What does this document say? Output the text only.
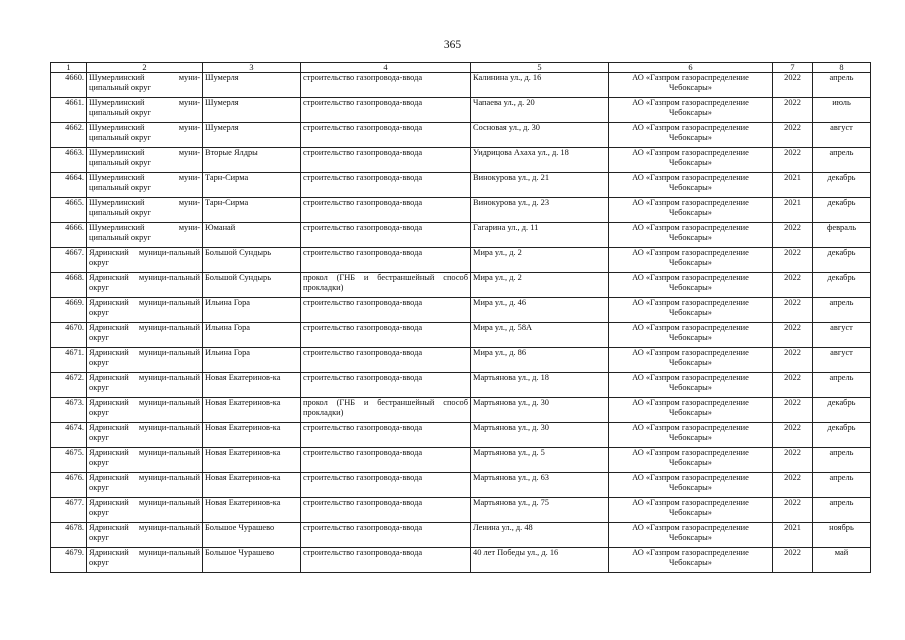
365
1	2	3	4	5	6	7	8
4660.	Шумерлинский муни-ципальный округ	Шумерля	строительство газопровода-ввода	Калинина ул., д. 16	АО «Газпром газораспределение Чебоксары»	2022	апрель
4661.	Шумерлинский муни-ципальный округ	Шумерля	строительство газопровода-ввода	Чапаева ул., д. 20	АО «Газпром газораспределение Чебоксары»	2022	июль
4662.	Шумерлинский муни-ципальный округ	Шумерля	строительство газопровода-ввода	Сосновая ул., д. 30	АО «Газпром газораспределение Чебоксары»	2022	август
4663.	Шумерлинский муни-ципальный округ	Вторые Ялдры	строительство газопровода-ввода	Уидрицова Ахаха ул., д. 18	АО «Газпром газораспределение Чебоксары»	2022	апрель
4664.	Шумерлинский муни-ципальный округ	Тарн-Сирма	строительство газопровода-ввода	Винокурова ул., д. 21	АО «Газпром газораспределение Чебоксары»	2021	декабрь
4665.	Шумерлинский муни-ципальный округ	Тарн-Сирма	строительство газопровода-ввода	Винокурова ул., д. 23	АО «Газпром газораспределение Чебоксары»	2021	декабрь
4666.	Шумерлинский муни-ципальный округ	Юманай	строительство газопровода-ввода	Гагарина ул., д. 11	АО «Газпром газораспределение Чебоксары»	2022	февраль
4667.	Ядринский муници-пальный округ	Большой Сундырь	строительство газопровода-ввода	Мира ул., д. 2	АО «Газпром газораспределение Чебоксары»	2022	декабрь
4668.	Ядринский муници-пальный округ	Большой Сундырь	прокол (ГНБ и бестраншейный способ прокладки)	Мира ул., д. 2	АО «Газпром газораспределение Чебоксары»	2022	декабрь
4669.	Ядринский муници-пальный округ	Ильина Гора	строительство газопровода-ввода	Мира ул., д. 46	АО «Газпром газораспределение Чебоксары»	2022	апрель
4670.	Ядринский муници-пальный округ	Ильина Гора	строительство газопровода-ввода	Мира ул., д. 58А	АО «Газпром газораспределение Чебоксары»	2022	август
4671.	Ядринский муници-пальный округ	Ильина Гора	строительство газопровода-ввода	Мира ул., д. 86	АО «Газпром газораспределение Чебоксары»	2022	август
4672.	Ядринский муници-пальный округ	Новая Екатеринов-ка	строительство газопровода-ввода	Мартьянова ул., д. 18	АО «Газпром газораспределение Чебоксары»	2022	апрель
4673.	Ядринский муници-пальный округ	Новая Екатеринов-ка	прокол (ГНБ и бестраншейный способ прокладки)	Мартьянова ул., д. 30	АО «Газпром газораспределение Чебоксары»	2022	декабрь
4674.	Ядринский муници-пальный округ	Новая Екатеринов-ка	строительство газопровода-ввода	Мартьянова ул., д. 30	АО «Газпром газораспределение Чебоксары»	2022	декабрь
4675.	Ядринский муници-пальный округ	Новая Екатеринов-ка	строительство газопровода-ввода	Мартьянова ул., д. 5	АО «Газпром газораспределение Чебоксары»	2022	апрель
4676.	Ядринский муници-пальный округ	Новая Екатеринов-ка	строительство газопровода-ввода	Мартьянова ул., д. 63	АО «Газпром газораспределение Чебоксары»	2022	апрель
4677.	Ядринский муници-пальный округ	Новая Екатеринов-ка	строительство газопровода-ввода	Мартьянова ул., д. 75	АО «Газпром газораспределение Чебоксары»	2022	апрель
4678.	Ядринский муници-пальный округ	Большое Чурашево	строительство газопровода-ввода	Ленина ул., д. 48	АО «Газпром газораспределение Чебоксары»	2021	ноябрь
4679.	Ядринский муници-пальный округ	Большое Чурашево	строительство газопровода-ввода	40 лет Победы ул., д. 16	АО «Газпром газораспределение Чебоксары»	2022	май
